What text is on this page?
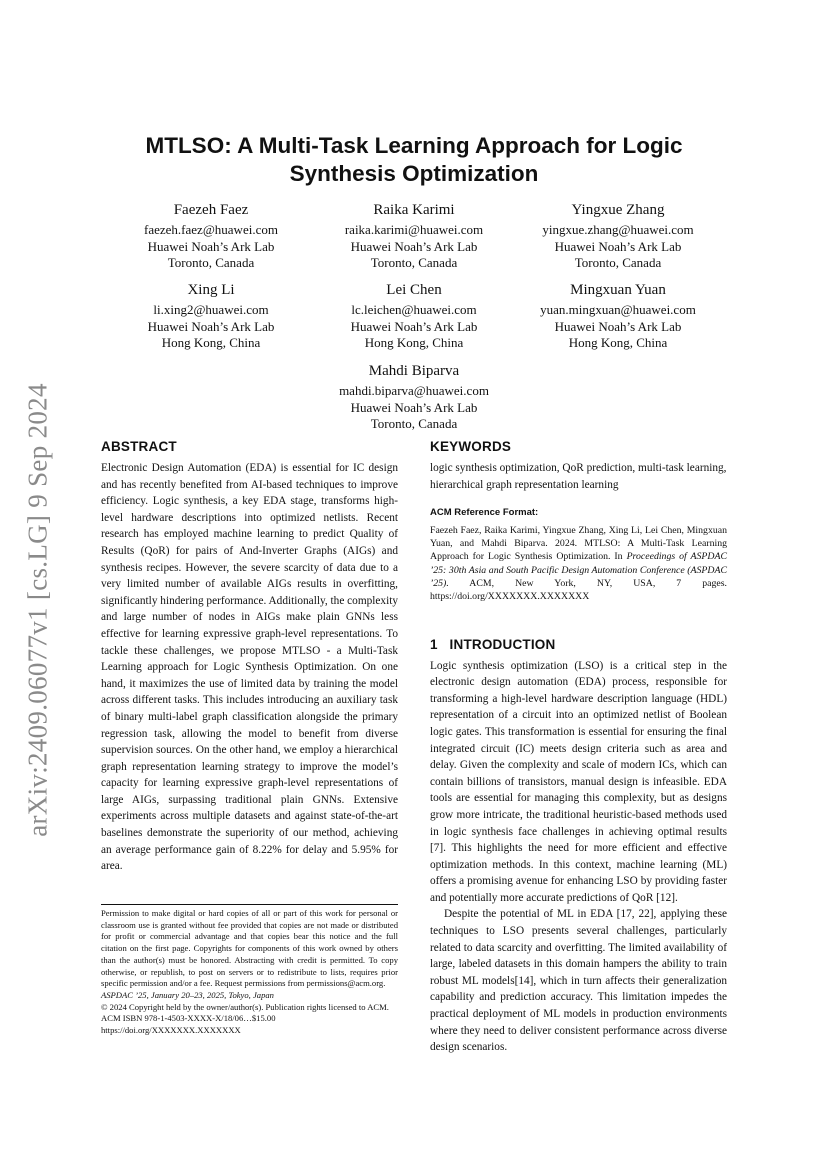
arXiv:2409.06077v1 [cs.LG] 9 Sep 2024
MTLSO: A Multi-Task Learning Approach for Logic
Synthesis Optimization
Faezeh Faez
faezeh.faez@huawei.com
Huawei Noah’s Ark Lab
Toronto, Canada
Raika Karimi
raika.karimi@huawei.com
Huawei Noah’s Ark Lab
Toronto, Canada
Yingxue Zhang
yingxue.zhang@huawei.com
Huawei Noah’s Ark Lab
Toronto, Canada
Xing Li
li.xing2@huawei.com
Huawei Noah’s Ark Lab
Hong Kong, China
Lei Chen
lc.leichen@huawei.com
Huawei Noah’s Ark Lab
Hong Kong, China
Mingxuan Yuan
yuan.mingxuan@huawei.com
Huawei Noah’s Ark Lab
Hong Kong, China
Mahdi Biparva
mahdi.biparva@huawei.com
Huawei Noah’s Ark Lab
Toronto, Canada
ABSTRACT

Electronic Design Automation (EDA) is essential for IC design and has recently benefited from AI-based techniques to improve efficiency. Logic synthesis, a key EDA stage, transforms high-level hardware descriptions into optimized netlists. Recent research has employed machine learning to predict Quality of Results (QoR) for pairs of And-Inverter Graphs (AIGs) and synthesis recipes. However, the severe scarcity of data due to a very limited number of available AIGs results in overfitting, significantly hindering performance. Additionally, the complexity and large number of nodes in AIGs make plain GNNs less effective for learning expressive graph-level representations. To tackle these challenges, we propose MTLSO - a Multi-Task Learning approach for Logic Synthesis Optimization. On one hand, it maximizes the use of limited data by training the model across different tasks. This includes introducing an auxiliary task of binary multi-label graph classification alongside the primary regression task, allowing the model to benefit from diverse supervision sources. On the other hand, we employ a hierarchical graph representation learning strategy to improve the model’s capacity for learning expressive graph-level representations of large AIGs, surpassing traditional plain GNNs. Extensive experiments across multiple datasets and against state-of-the-art baselines demonstrate the superiority of our method, achieving an average performance gain of 8.22% for delay and 5.95% for area.

Permission to make digital or hard copies of all or part of this work for personal or classroom use is granted without fee provided that copies are not made or distributed for profit or commercial advantage and that copies bear this notice and the full citation on the first page. Copyrights for components of this work owned by others than the author(s) must be honored. Abstracting with credit is permitted. To copy otherwise, or republish, to post on servers or to redistribute to lists, requires prior specific permission and/or a fee. Request permissions from permissions@acm.org.

ASPDAC ’25, January 20–23, 2025, Tokyo, Japan
© 2024 Copyright held by the owner/author(s). Publication rights licensed to ACM.
ACM ISBN 978-1-4503-XXXX-X/18/06…$15.00
https://doi.org/XXXXXXX.XXXXXXX
KEYWORDS

logic synthesis optimization, QoR prediction, multi-task learning, hierarchical graph representation learning

ACM Reference Format:

Faezeh Faez, Raika Karimi, Yingxue Zhang, Xing Li, Lei Chen, Mingxuan Yuan, and Mahdi Biparva. 2024. MTLSO: A Multi-Task Learning Approach for Logic Synthesis Optimization. In Proceedings of ASPDAC ’25: 30th Asia and South Pacific Design Automation Conference (ASPDAC ’25). ACM, New York, NY, USA, 7 pages. https://doi.org/XXXXXXX.XXXXXXX

1   INTRODUCTION

Logic synthesis optimization (LSO) is a critical step in the electronic design automation (EDA) process, responsible for transforming a high-level hardware description language (HDL) representation of a circuit into an optimized netlist of Boolean logic gates. This transformation is essential for ensuring the final integrated circuit (IC) meets design criteria such as area and delay. Given the complexity and scale of modern ICs, which can contain billions of transistors, manual design is infeasible. EDA tools are essential for managing this complexity, but as designs grow more intricate, the traditional heuristic-based methods used in logic synthesis face challenges in achieving optimal results [7]. This highlights the need for more efficient and effective optimization methods. In this context, machine learning (ML) offers a promising avenue for enhancing LSO by providing faster and potentially more accurate predictions of QoR [12].

Despite the potential of ML in EDA [17, 22], applying these techniques to LSO presents several challenges, particularly related to data scarcity and overfitting. The limited availability of large, labeled datasets in this domain hampers the ability to train robust ML models[14], which in turn affects their generalization capability and prediction accuracy. This limitation impedes the practical deployment of ML models in production environments where they need to deliver consistent performance across diverse design scenarios.
